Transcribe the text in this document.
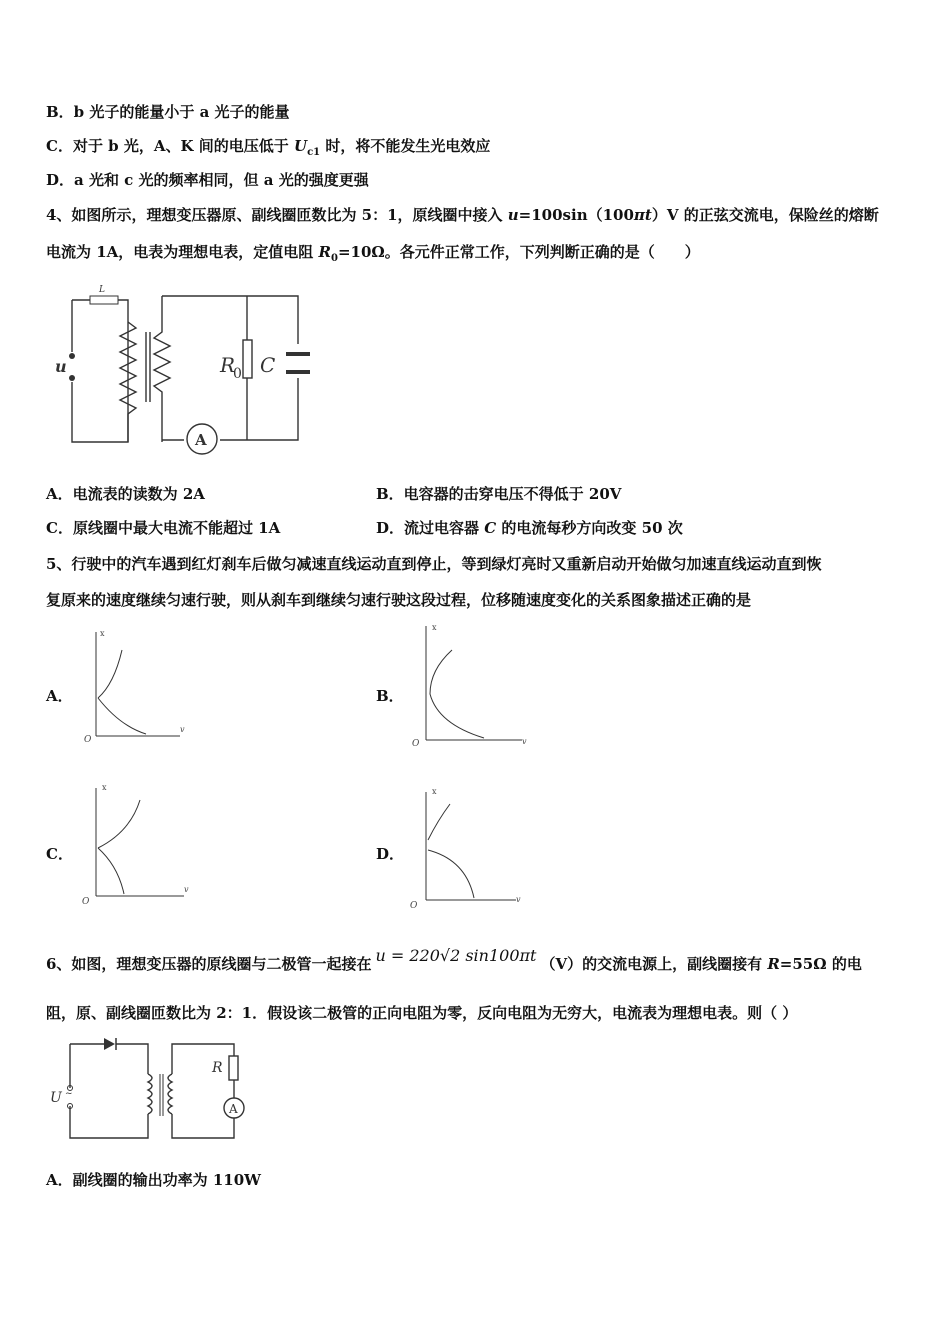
B．b 光子的能量小于 a 光子的能量
C．对于 b 光，A、K 间的电压低于 $U_{c1}$ 时，将不能发生光电效应
D．a 光和 c 光的频率相同，但 a 光的强度更强
4、如图所示，理想变压器原、副线圈匝数比为 5：1，原线圈中接入 u=100sin（100πt）V 的正弦交流电，保险丝的熔断
电流为 1A，电表为理想电表，定值电阻 $R_0=10\Omega$。各元件正常工作，下列判断正确的是（　　）
L
u
A
R
0 C
A．电流表的读数为 2A	B．电容器的击穿电压不得低于 20V
C．原线圈中最大电流不能超过 1A	D．流过电容器 C 的电流每秒方向改变 50 次
5、行驶中的汽车遇到红灯刹车后做匀减速直线运动直到停止，等到绿灯亮时又重新启动开始做匀加速直线运动直到恢
复原来的速度继续匀速行驶，则从刹车到继续匀速行驶这段过程，位移随速度变化的关系图象描述正确的是
A．	B．
C．	D．
x
v
O
x
v
O
x
v
O
x
v
O
6、如图，理想变压器的原线圈与二极管一起接在 u = 220√2 sin100πt （V）的交流电源上，副线圈接有 R=55Ω 的电
阻，原、副线圈匝数比为 2：1．假设该二极管的正向电阻为零，反向电阻为无穷大，电流表为理想电表。则（ ）
U ~
R
A
A．副线圈的输出功率为 110W
